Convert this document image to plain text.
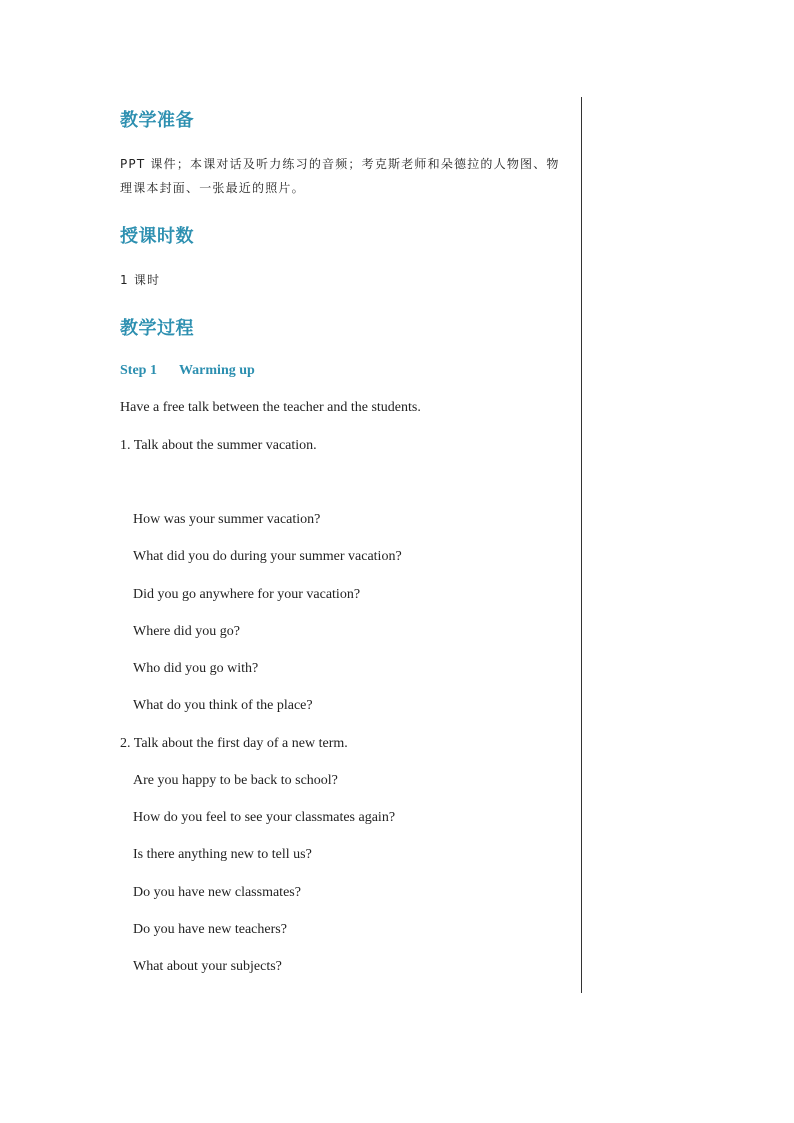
教学准备
PPT 课件；本课对话及听力练习的音频；考克斯老师和朵德拉的人物图、物
理课本封面、一张最近的照片。
授课时数
1 课时
教学过程
Step 1 Warming up
Have a free talk between the teacher and the students.
1. Talk about the summer vacation.
How was your summer vacation?
What did you do during your summer vacation?
Did you go anywhere for your vacation?
Where did you go?
Who did you go with?
What do you think of the place?
2. Talk about the first day of a new term.
Are you happy to be back to school?
How do you feel to see your classmates again?
Is there anything new to tell us?
Do you have new classmates?
Do you have new teachers?
What about your subjects?
